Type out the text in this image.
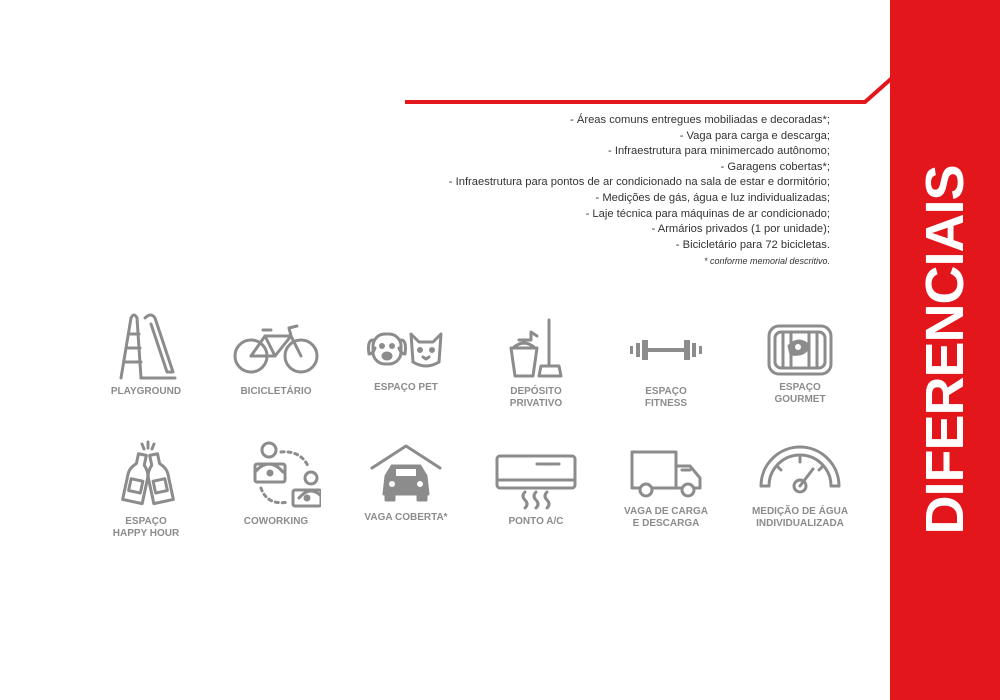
DIFERENCIAIS
- Áreas comuns entregues mobiliadas e decoradas*;
- Vaga para carga e descarga;
- Infraestrutura para minimercado autônomo;
- Garagens cobertas*;
- Infraestrutura para pontos de ar condicionado na sala de estar e dormitório;
- Medições de gás, água e luz individualizadas;
- Laje técnica para máquinas de ar condicionado;
- Armários privados (1 por unidade);
- Bicicletário para 72 bicicletas.
* conforme memorial descritivo.
PLAYGROUND	BICICLETÁRIO	ESPAÇO PET	DEPÓSITO
PRIVATIVO
ESPAÇO
FITNESS
ESPAÇO
GOURMET
ESPAÇO
HAPPY HOUR
COWORKING	VAGA COBERTA*	PONTO A/C
VAGA DE CARGA
E DESCARGA
MEDIÇÃO DE ÁGUA
INDIVIDUALIZADA
